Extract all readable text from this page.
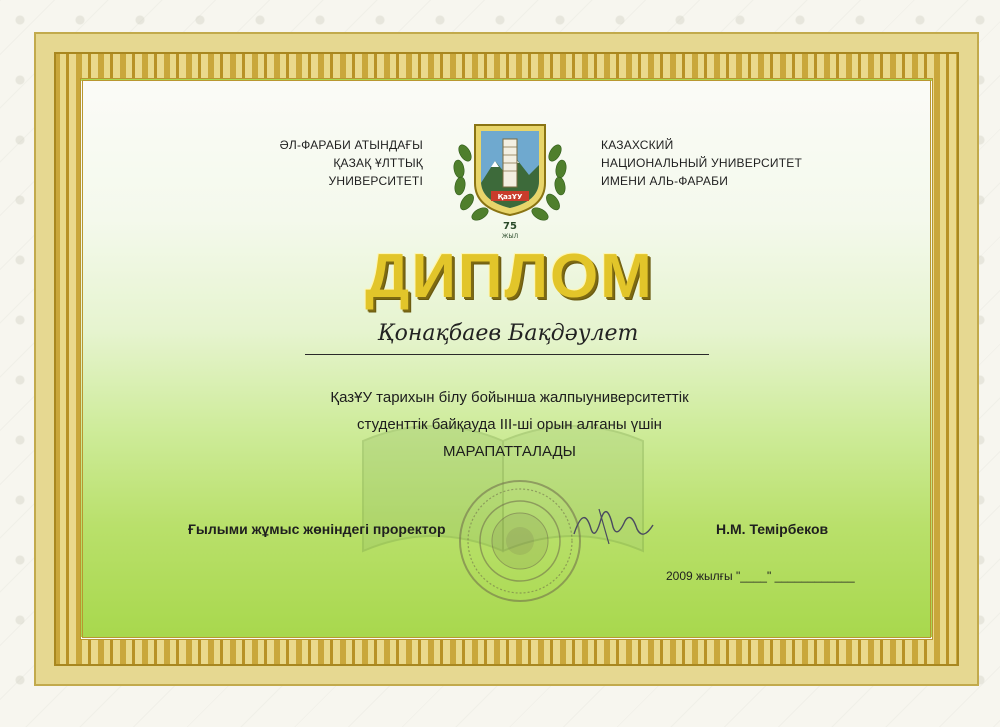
ӘЛ-ФАРАБИ АТЫНДАҒЫ
ҚАЗАҚ ҰЛТТЫҚ
УНИВЕРСИТЕТІ
ҚазҰУ
75
ЖЫЛ
КАЗАХСКИЙ
НАЦИОНАЛЬНЫЙ УНИВЕРСИТЕТ
ИМЕНИ АЛЬ-ФАРАБИ
ДИПЛОМ
Қонақбаев Бақдәулет
ҚазҰУ тарихын білу бойынша жалпыуниверситеттік
студенттік байқауда ІІІ-ші орын алғаны үшін
МАРАПАТТАЛАДЫ
Ғылыми жұмыс жөніндегі проректор	Н.М. Темірбеков
2009 жылғы "____" ____________
